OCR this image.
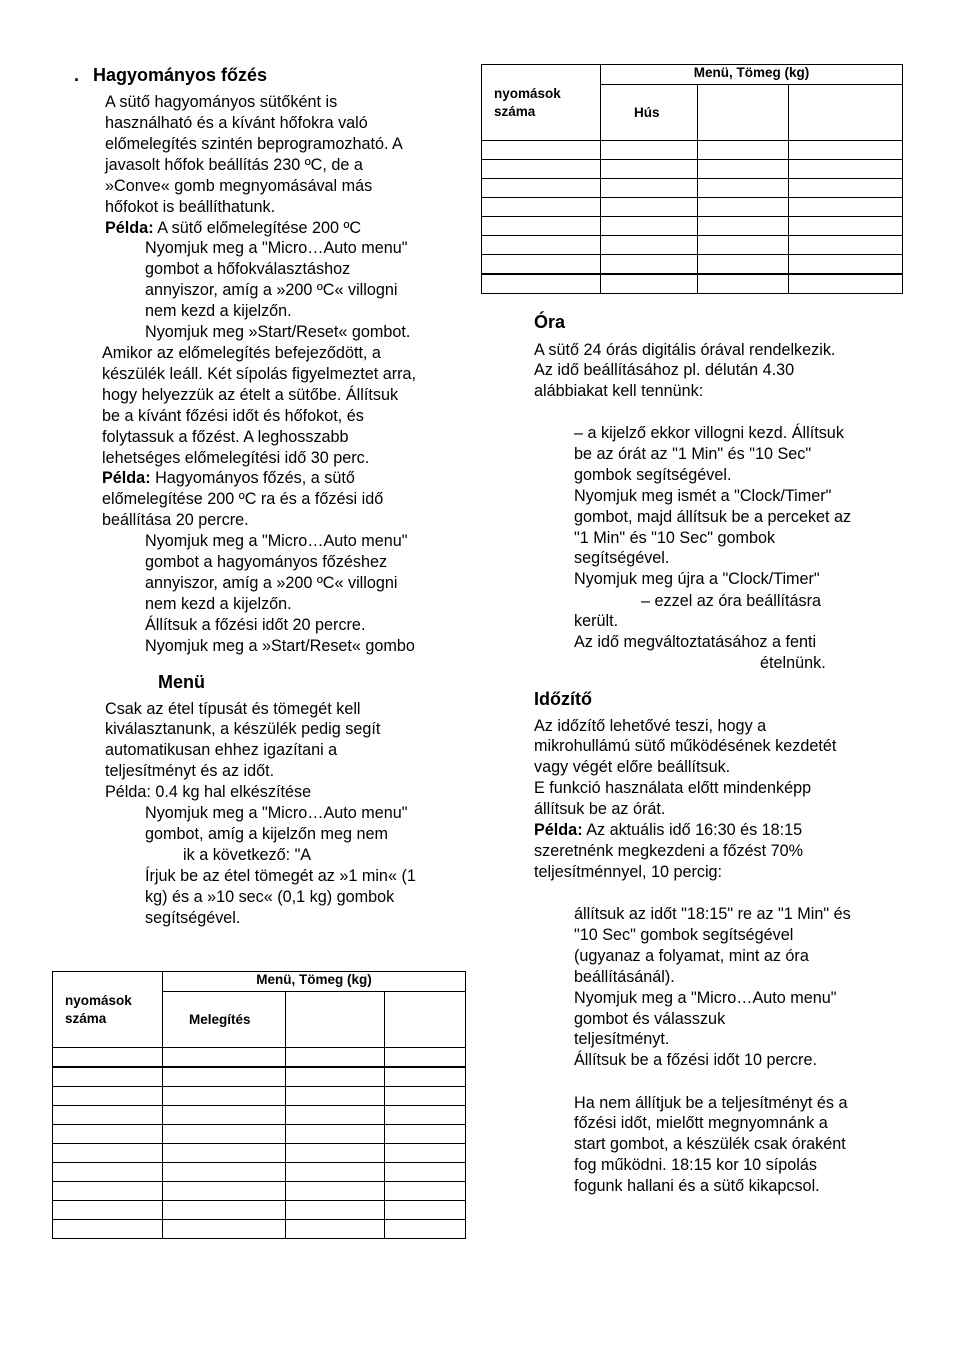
. Hagyományos főzés
A sütő hagyományos sütőként is
használható és a kívánt hőfokra való
előmelegítés szintén beprogramozható. A
javasolt hőfok beállítás 230 ºC, de a
»Conve« gomb megnyomásával más
hőfokot is beállíthatunk.
Példa: A sütő előmelegítése 200 ºC
Nyomjuk meg a "Micro…Auto menu"
gombot a hőfokválasztáshoz
annyiszor, amíg a »200 ºC« villogni
nem kezd a kijelzőn.
Nyomjuk meg »Start/Reset« gombot.
Amikor az előmelegítés befejeződött, a
készülék leáll. Két sípolás figyelmeztet arra,
hogy helyezzük az ételt a sütőbe. Állítsuk
be a kívánt főzési időt és hőfokot, és
folytassuk a főzést. A leghosszabb
lehetséges előmelegítési idő 30 perc.
Példa: Hagyományos főzés, a sütő
előmelegítése 200 ºC ra és a főzési idő
beállítása 20 percre.
Nyomjuk meg a "Micro…Auto menu"
gombot a hagyományos főzéshez
annyiszor, amíg a »200 ºC« villogni
nem kezd a kijelzőn.
Állítsuk a főzési időt 20 percre.
Nyomjuk meg a »Start/Reset« gombo
Menü
Csak az étel típusát és tömegét kell
kiválasztanunk, a készülék pedig segít
automatikusan ehhez igazítani a
teljesítményt és az időt.
Példa: 0.4 kg hal elkészítése
Nyomjuk meg a "Micro…Auto menu"
gombot, amíg a kijelzőn meg nem
ik a következő: "A
Írjuk be az étel tömegét az »1 min« (1
kg) és a »10 sec« (0,1 kg) gombok
segítségével.
nyomások száma	Menü, Tömeg (kg)		
	Melegítés		

nyomások száma	Menü, Tömeg (kg)		
	Hús		

Óra
A sütő 24 órás digitális órával rendelkezik.
Az idő beállításához pl. délután 4.30
alábbiakat kell tennünk:
– a kijelző ekkor villogni kezd. Állítsuk
be az órát az "1 Min" és "10 Sec"
gombok segítségével.
Nyomjuk meg ismét a "Clock/Timer"
gombot, majd állítsuk be a perceket az
"1 Min" és "10 Sec" gombok
segítségével.
Nyomjuk meg újra a "Clock/Timer"
– ezzel az óra beállításra
került.
Az idő megváltoztatásához a fenti
ételnünk.
Időzítő
Az időzítő lehetővé teszi, hogy a
mikrohullámú sütő működésének kezdetét
vagy végét előre beállítsuk.
E funkció használata előtt mindenképp
állítsuk be az órát.
Példa: Az aktuális idő 16:30 és 18:15
szeretnénk megkezdeni a főzést 70%
teljesítménnyel, 10 percig:
állítsuk az időt "18:15" re az "1 Min" és
"10 Sec" gombok segítségével
(ugyanaz a folyamat, mint az óra
beállításánál).
Nyomjuk meg a "Micro…Auto menu"
gombot és válasszuk
teljesítményt.
Állítsuk be a főzési időt 10 percre.
Ha nem állítjuk be a teljesítményt és a
főzési időt, mielőtt megnyomnánk a
start gombot, a készülék csak óraként
fog működni. 18:15 kor 10 sípolás
fogunk hallani és a sütő kikapcsol.
